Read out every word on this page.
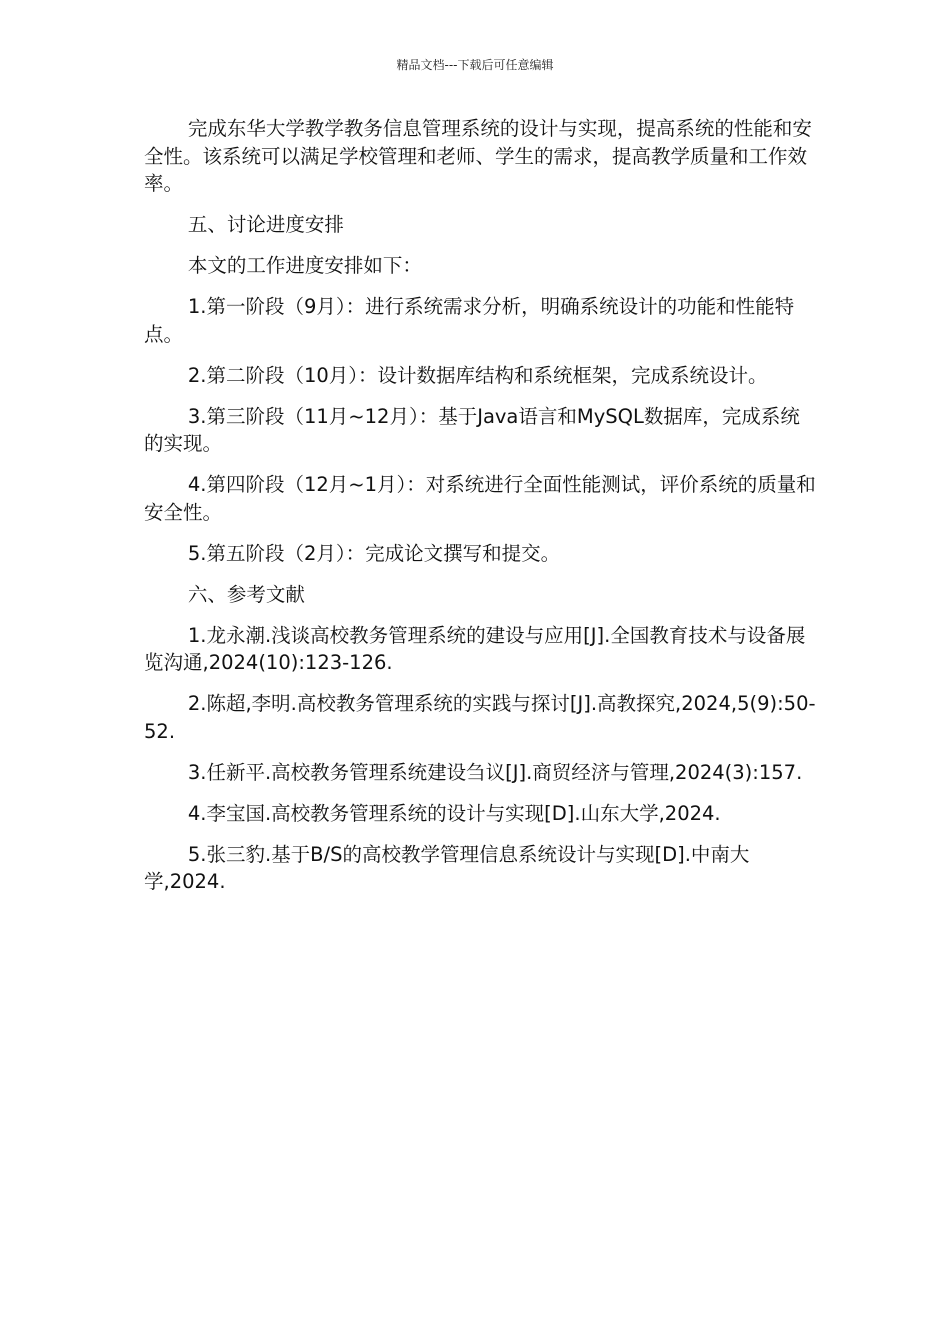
精品文档---下载后可任意编辑

完成东华大学教学教务信息管理系统的设计与实现，提高系统的性能和安全性。该系统可以满足学校管理和老师、学生的需求，提高教学质量和工作效率。

五、讨论进度安排

本文的工作进度安排如下：

1.第一阶段（9月）：进行系统需求分析，明确系统设计的功能和性能特点。

2.第二阶段（10月）：设计数据库结构和系统框架，完成系统设计。

3.第三阶段（11月~12月）：基于Java语言和MySQL数据库，完成系统的实现。

4.第四阶段（12月~1月）：对系统进行全面性能测试，评价系统的质量和安全性。

5.第五阶段（2月）：完成论文撰写和提交。

六、参考文献

1.龙永潮.浅谈高校教务管理系统的建设与应用[J].全国教育技术与设备展览沟通,2024(10):123-126.

2.陈超,李明.高校教务管理系统的实践与探讨[J].高教探究,2024,5(9):50-52.

3.任新平.高校教务管理系统建设刍议[J].商贸经济与管理,2024(3):157.

4.李宝国.高校教务管理系统的设计与实现[D].山东大学,2024.

5.张三豹.基于B/S的高校教学管理信息系统设计与实现[D].中南大学,2024.
